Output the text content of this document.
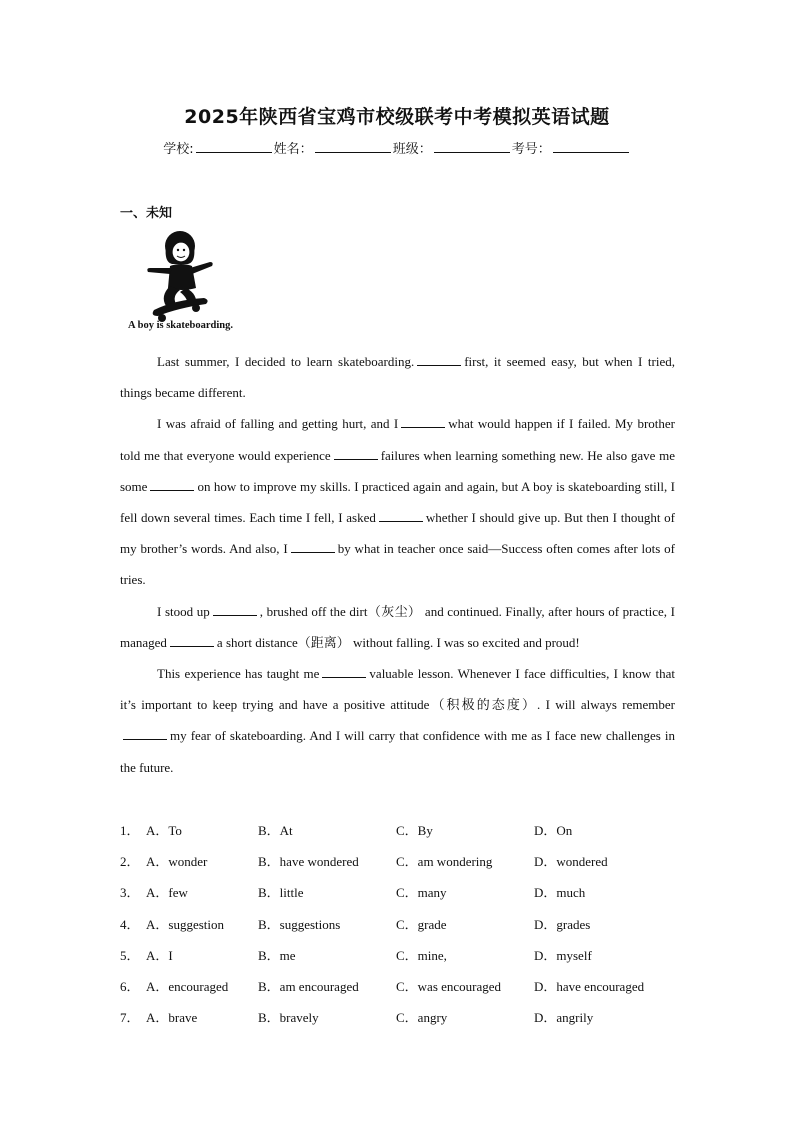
2025年陕西省宝鸡市校级联考中考模拟英语试题
学校:	姓名：	班级：	考号：
一、未知
A boy is skateboarding.

Last summer, I decided to learn skateboarding.	first, it seemed easy, but when I tried, things became different.

I was afraid of falling and getting hurt, and I	what would happen if I failed. My brother told me that everyone would experience	failures when learning something new. He also gave me some	on how to improve my skills. I practiced again and again, but A boy is skateboarding still, I fell down several times. Each time I fell, I asked	whether I should give up. But then I thought of my brother’s words. And also, I	by what in teacher once said—Success often comes after lots of tries.

I stood up	, brushed off the dirt（灰尘） and continued. Finally, after hours of practice, I managed	a short distance（距离） without falling. I was so excited and proud!

This experience has taught me	valuable lesson. Whenever I face difficulties, I know that it’s important to keep trying and have a positive attitude（积极的态度）. I will always remembermy fear of skateboarding. And I will carry that confidence with me as I face new challenges in the future.

1． A．To	B．At	C．By	D．On
2． A．wonder	B．have wondered	C．am wondering	D．wondered
3． A．few	B．little	C．many	D．much
4． A．suggestion	B．suggestions	C．grade	D．grades
5． A．I	B．me	C．mine,	D．myself
6． A．encouraged	B．am encouraged	C．was encouraged	D．have encouraged
7． A．brave	B．bravely	C．angry	D．angrily
